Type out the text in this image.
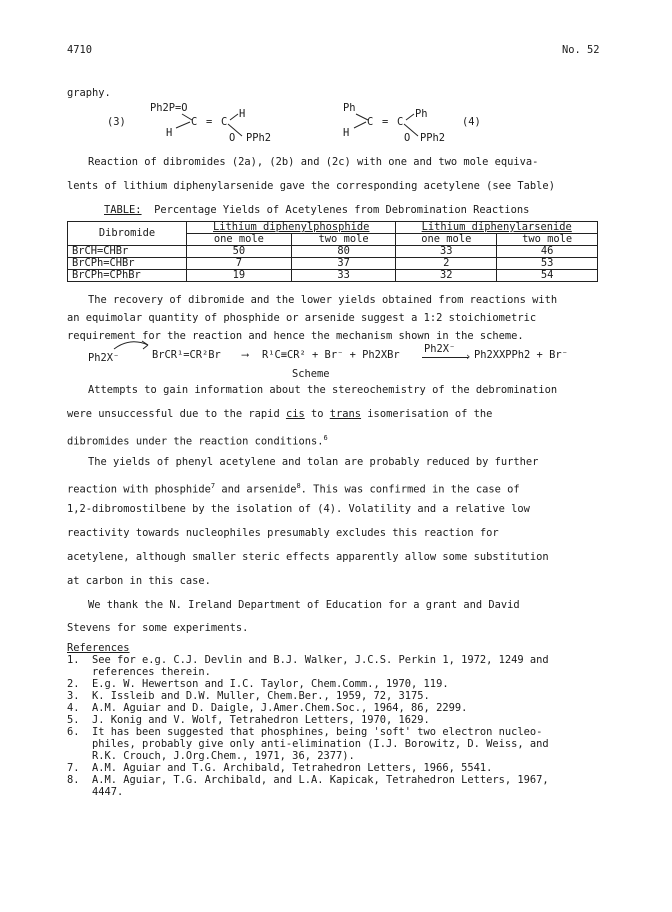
4710	No. 52
graphy.
(3)
Ph2P=O
C = C
H
H	O PPh2
Ph
C = C
Ph
H	O PPh2
(4)
Reaction of dibromides (2a), (2b) and (2c) with one and two mole equiva-
lents of lithium diphenylarsenide gave the corresponding acetylene (see Table)
TABLE: Percentage Yields of Acetylenes from Debromination Reactions
Dibromide	Lithium diphenylphosphide		Lithium diphenylarsenide	
	one mole	two mole	one mole	two mole
BrCH=CHBr	50	80	33	46
BrCPh=CHBr	7	37	2	53
BrCPh=CPhBr	19	33	32	54
The recovery of dibromide and the lower yields obtained from reactions with
an equimolar quantity of phosphide or arsenide suggest a 1:2 stoichiometric
requirement for the reaction and hence the mechanism shown in the scheme.
Ph2X⁻	BrCR¹=CR²Br ⟶ R¹C≡CR² + Br⁻ + Ph2XBr Ph2X⁻
› Ph2XXPPh2 + Br⁻
Scheme
Attempts to gain information about the stereochemistry of the debromination
were unsuccessful due to the rapid cis to trans isomerisation of the
dibromides under the reaction conditions.$^6$
The yields of phenyl acetylene and tolan are probably reduced by further
reaction with phosphide$^7$ and arsenide$^8$. This was confirmed in the case of
1,2-dibromostilbene by the isolation of (4). Volatility and a relative low
reactivity towards nucleophiles presumably excludes this reaction for
acetylene, although smaller steric effects apparently allow some substitution
at carbon in this case.
We thank the N. Ireland Department of Education for a grant and David
Stevens for some experiments.
References
1. See for e.g. C.J. Devlin and B.J. Walker, J.C.S. Perkin 1, 1972, 1249 and
references therein.
2. E.g. W. Hewertson and I.C. Taylor, Chem.Comm., 1970, 119.
3. K. Issleib and D.W. Muller, Chem.Ber., 1959, 72, 3175.
4. A.M. Aguiar and D. Daigle, J.Amer.Chem.Soc., 1964, 86, 2299.
5. J. Konig and V. Wolf, Tetrahedron Letters, 1970, 1629.
6. It has been suggested that phosphines, being 'soft' two electron nucleo-
philes, probably give only anti-elimination (I.J. Borowitz, D. Weiss, and
R.K. Crouch, J.Org.Chem., 1971, 36, 2377).
7. A.M. Aguiar and T.G. Archibald, Tetrahedron Letters, 1966, 5541.
8. A.M. Aguiar, T.G. Archibald, and L.A. Kapicak, Tetrahedron Letters, 1967,
4447.
